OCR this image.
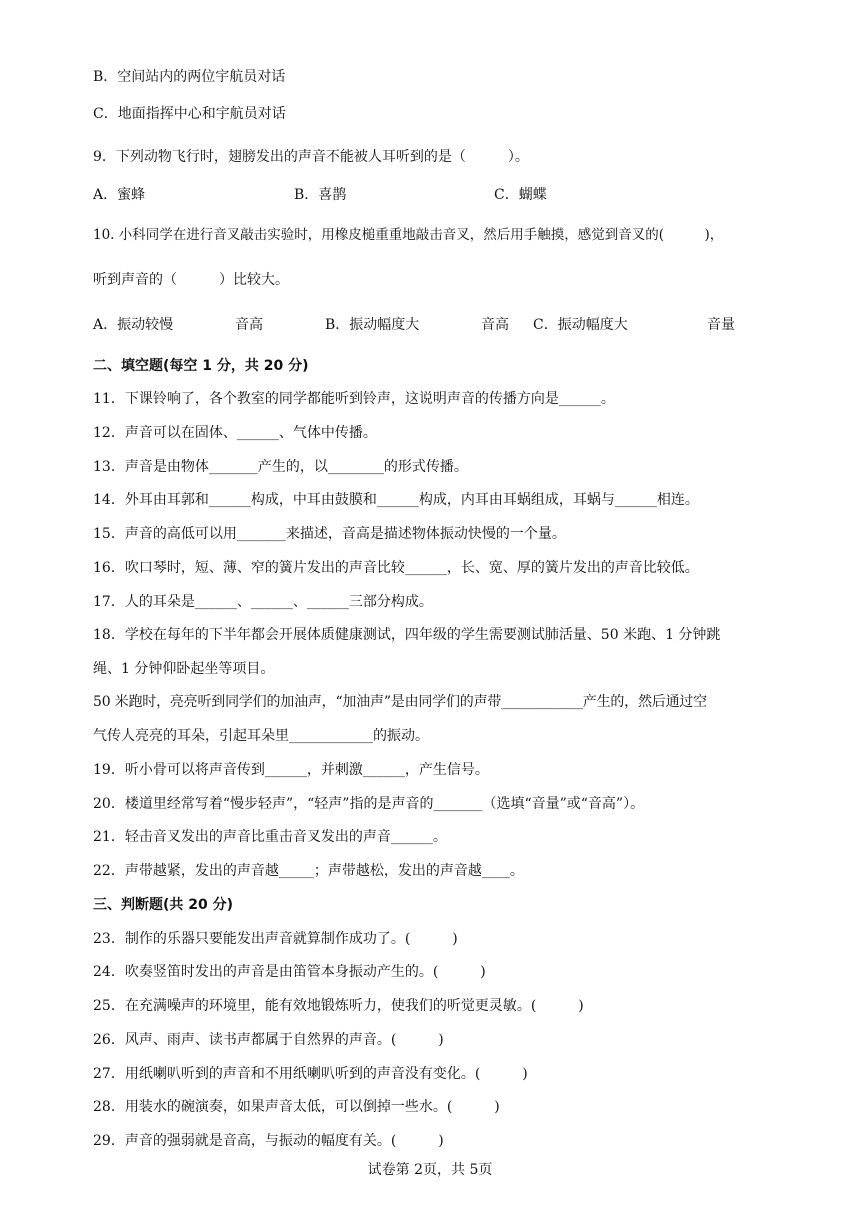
B．空间站内的两位宇航员对话
C．地面指挥中心和宇航员对话
9．下列动物飞行时，翅膀发出的声音不能被人耳听到的是（　　　）。
A．蜜蜂	B．喜鹊	C．蝴蝶
10. 小科同学在进行音叉敲击实验时，用橡皮槌重重地敲击音叉，然后用手触摸，感觉到音叉的(　　　)，
听到声音的（　　　）比较大。
A．振动较慢	音高	B．振动幅度大	音高 C．振动幅度大	音量
二、填空题(每空 1 分，共 20 分)
11．下课铃响了，各个教室的同学都能听到铃声，这说明声音的传播方向是______。
12．声音可以在固体、______、气体中传播。
13．声音是由物体_______产生的，以________的形式传播。
14．外耳由耳郭和______构成，中耳由鼓膜和______构成，内耳由耳蜗组成，耳蜗与______相连。
15．声音的高低可以用_______来描述，音高是描述物体振动快慢的一个量。
16．吹口琴时，短、薄、窄的簧片发出的声音比较______，长、宽、厚的簧片发出的声音比较低。
17．人的耳朵是______、______、______三部分构成。
18．学校在每年的下半年都会开展体质健康测试，四年级的学生需要测试肺活量、50 米跑、1 分钟跳
绳、1 分钟仰卧起坐等项目。
50 米跑时，亮亮听到同学们的加油声，“加油声”是由同学们的声带____________产生的，然后通过空
气传人亮亮的耳朵，引起耳朵里____________的振动。
19．听小骨可以将声音传到______，并刺激______，产生信号。
20．楼道里经常写着“慢步轻声”，“轻声”指的是声音的_______（选填“音量”或“音高”）。
21．轻击音叉发出的声音比重击音叉发出的声音______。
22．声带越紧，发出的声音越_____；声带越松，发出的声音越____。
三、判断题(共 20 分)
23．制作的乐器只要能发出声音就算制作成功了。(　　　)
24．吹奏竖笛时发出的声音是由笛管本身振动产生的。(　　　)
25．在充满噪声的环境里，能有效地锻炼听力，使我们的听觉更灵敏。(　　　)
26．风声、雨声、读书声都属于自然界的声音。(　　　)
27．用纸喇叭听到的声音和不用纸喇叭听到的声音没有变化。(　　　)
28．用装水的碗演奏，如果声音太低，可以倒掉一些水。(　　　)
29．声音的强弱就是音高，与振动的幅度有关。(　　　)
试卷第 2页，共 5页
